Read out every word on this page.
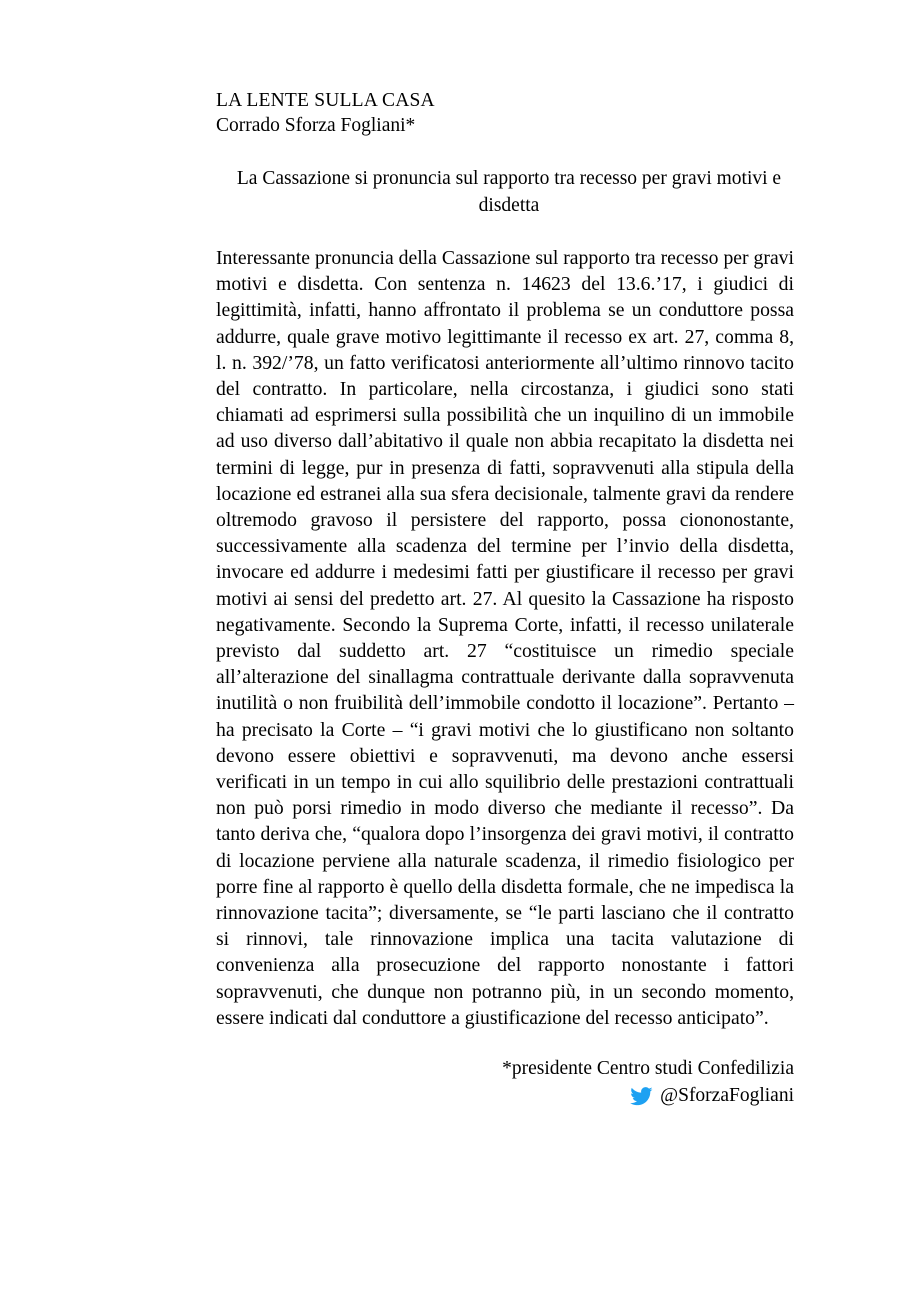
LA LENTE SULLA CASA
Corrado Sforza Fogliani*
La Cassazione si pronuncia sul rapporto tra recesso per gravi motivi e disdetta
Interessante pronuncia della Cassazione sul rapporto tra recesso per gravi motivi e disdetta. Con sentenza n. 14623 del 13.6.’17, i giudici di legittimità, infatti, hanno affrontato il problema se un conduttore possa addurre, quale grave motivo legittimante il recesso ex art. 27, comma 8, l. n. 392/’78, un fatto verificatosi anteriormente all’ultimo rinnovo tacito del contratto. In particolare, nella circostanza, i giudici sono stati chiamati ad esprimersi sulla possibilità che un inquilino di un immobile ad uso diverso dall’abitativo il quale non abbia recapitato la disdetta nei termini di legge, pur in presenza di fatti, sopravvenuti alla stipula della locazione ed estranei alla sua sfera decisionale, talmente gravi da rendere oltremodo gravoso il persistere del rapporto, possa ciononostante, successivamente alla scadenza del termine per l’invio della disdetta, invocare ed addurre i medesimi fatti per giustificare il recesso per gravi motivi ai sensi del predetto art. 27. Al quesito la Cassazione ha risposto negativamente. Secondo la Suprema Corte, infatti, il recesso unilaterale previsto dal suddetto art. 27 “costituisce un rimedio speciale all’alterazione del sinallagma contrattuale derivante dalla sopravvenuta inutilità o non fruibilità dell’immobile condotto il locazione”. Pertanto – ha precisato la Corte – “i gravi motivi che lo giustificano non soltanto devono essere obiettivi e sopravvenuti, ma devono anche essersi verificati in un tempo in cui allo squilibrio delle prestazioni contrattuali non può porsi rimedio in modo diverso che mediante il recesso”. Da tanto deriva che, “qualora dopo l’insorgenza dei gravi motivi, il contratto di locazione perviene alla naturale scadenza, il rimedio fisiologico per porre fine al rapporto è quello della disdetta formale, che ne impedisca la rinnovazione tacita”; diversamente, se “le parti lasciano che il contratto si rinnovi, tale rinnovazione implica una tacita valutazione di convenienza alla prosecuzione del rapporto nonostante i fattori sopravvenuti, che dunque non potranno più, in un secondo momento, essere indicati dal conduttore a giustificazione del recesso anticipato”.
*presidente Centro studi Confedilizia
@SforzaFogliani
